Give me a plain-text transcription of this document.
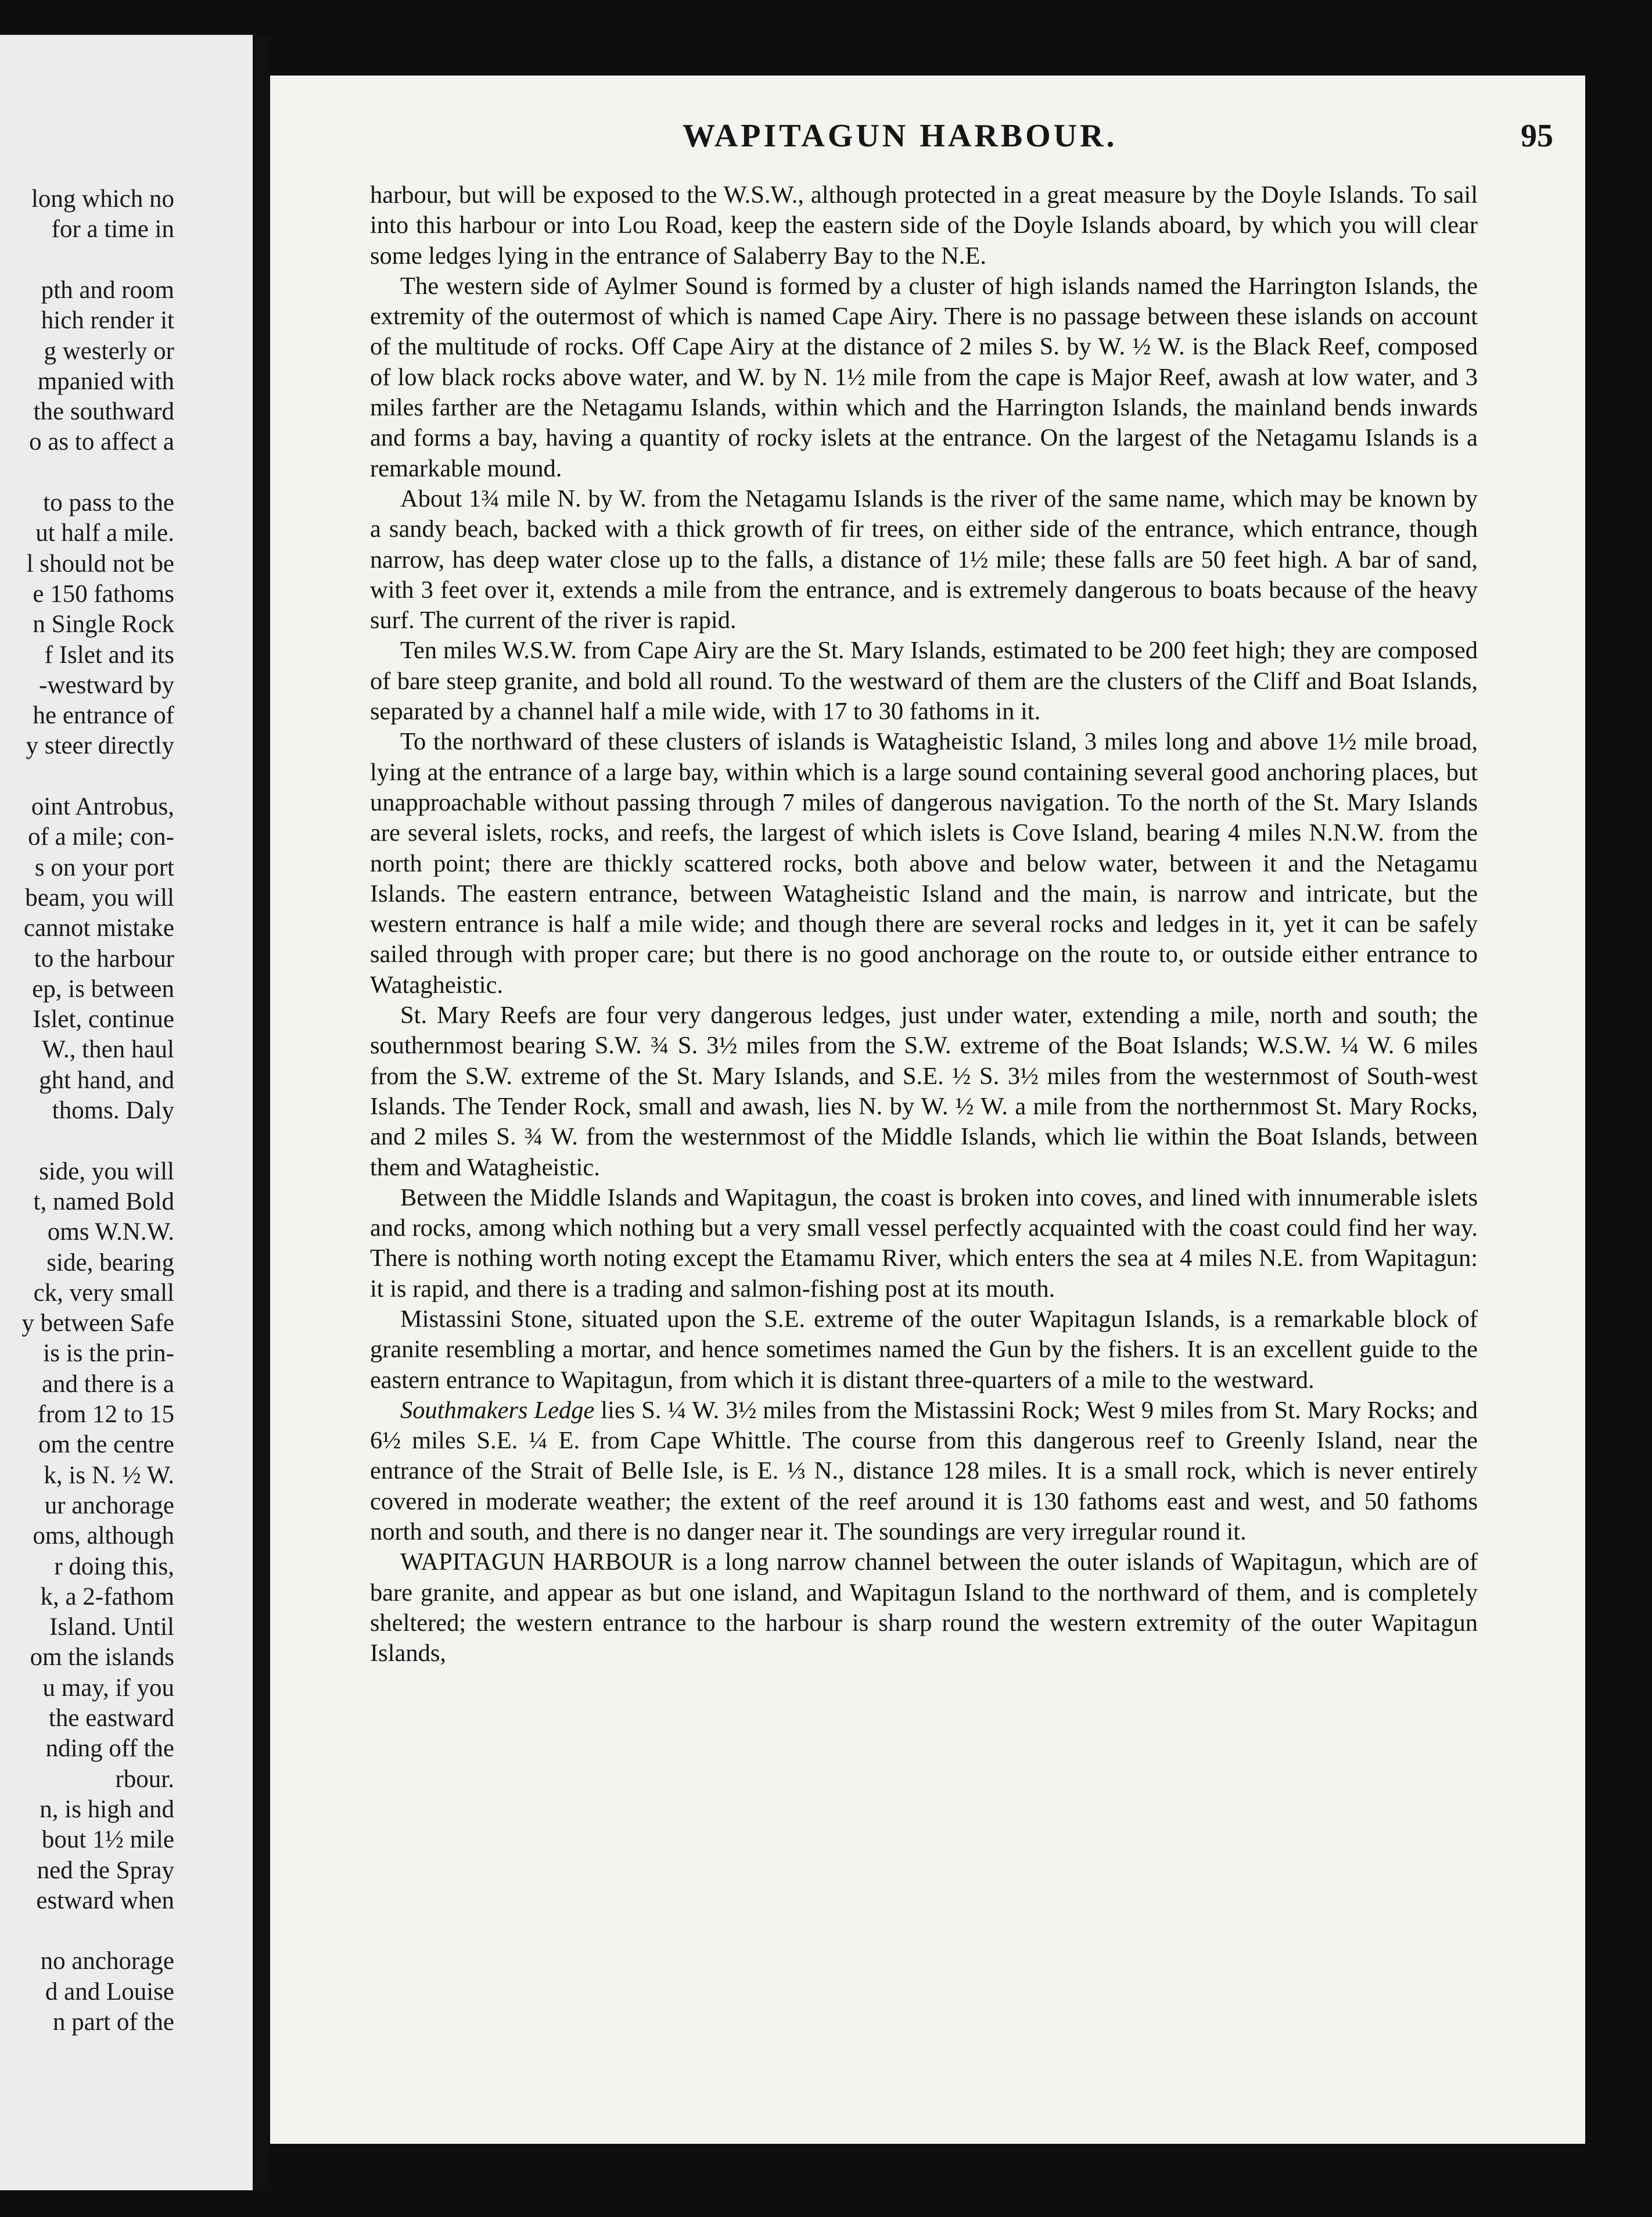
long which no
for a time in
pth and room
hich render it
g westerly or
mpanied with
the southward
o as to affect a
to pass to the
ut half a mile.
l should not be
e 150 fathoms
n Single Rock
f Islet and its
-westward by
he entrance of
y steer directly
oint Antrobus,
of a mile; con-
s on your port
beam, you will
cannot mistake
to the harbour
ep, is between
Islet, continue
W., then haul
ght hand, and
thoms. Daly
side, you will
t, named Bold
oms W.N.W.
side, bearing
ck, very small
y between Safe
is is the prin-
and there is a
from 12 to 15
om the centre
k, is N. ½ W.
ur anchorage
oms, although
r doing this,
k, a 2-fathom
Island. Until
om the islands
u may, if you
the eastward
nding off the
rbour.
n, is high and
bout 1½ mile
ned the Spray
estward when
no anchorage
d and Louise
n part of the
WAPITAGUN HARBOUR.	95

harbour, but will be exposed to the W.S.W., although protected in a great measure by the Doyle Islands. To sail into this harbour or into Lou Road, keep the eastern side of the Doyle Islands aboard, by which you will clear some ledges lying in the entrance of Salaberry Bay to the N.E.

The western side of Aylmer Sound is formed by a cluster of high islands named the Harrington Islands, the extremity of the outermost of which is named Cape Airy. There is no passage between these islands on account of the multitude of rocks. Off Cape Airy at the distance of 2 miles S. by W. ½ W. is the Black Reef, composed of low black rocks above water, and W. by N. 1½ mile from the cape is Major Reef, awash at low water, and 3 miles farther are the Netagamu Islands, within which and the Harrington Islands, the mainland bends inwards and forms a bay, having a quantity of rocky islets at the entrance. On the largest of the Netagamu Islands is a remarkable mound.

About 1¾ mile N. by W. from the Netagamu Islands is the river of the same name, which may be known by a sandy beach, backed with a thick growth of fir trees, on either side of the entrance, which entrance, though narrow, has deep water close up to the falls, a distance of 1½ mile; these falls are 50 feet high. A bar of sand, with 3 feet over it, extends a mile from the entrance, and is extremely dangerous to boats because of the heavy surf. The current of the river is rapid.

Ten miles W.S.W. from Cape Airy are the St. Mary Islands, estimated to be 200 feet high; they are composed of bare steep granite, and bold all round. To the westward of them are the clusters of the Cliff and Boat Islands, separated by a channel half a mile wide, with 17 to 30 fathoms in it.

To the northward of these clusters of islands is Watagheistic Island, 3 miles long and above 1½ mile broad, lying at the entrance of a large bay, within which is a large sound containing several good anchoring places, but unapproachable without passing through 7 miles of dangerous navigation. To the north of the St. Mary Islands are several islets, rocks, and reefs, the largest of which islets is Cove Island, bearing 4 miles N.N.W. from the north point; there are thickly scattered rocks, both above and below water, between it and the Netagamu Islands. The eastern entrance, between Watagheistic Island and the main, is narrow and intricate, but the western entrance is half a mile wide; and though there are several rocks and ledges in it, yet it can be safely sailed through with proper care; but there is no good anchorage on the route to, or outside either entrance to Watagheistic.

St. Mary Reefs are four very dangerous ledges, just under water, extending a mile, north and south; the southernmost bearing S.W. ¾ S. 3½ miles from the S.W. extreme of the Boat Islands; W.S.W. ¼ W. 6 miles from the S.W. extreme of the St. Mary Islands, and S.E. ½ S. 3½ miles from the westernmost of South-west Islands. The Tender Rock, small and awash, lies N. by W. ½ W. a mile from the northernmost St. Mary Rocks, and 2 miles S. ¾ W. from the westernmost of the Middle Islands, which lie within the Boat Islands, between them and Watagheistic.

Between the Middle Islands and Wapitagun, the coast is broken into coves, and lined with innumerable islets and rocks, among which nothing but a very small vessel perfectly acquainted with the coast could find her way. There is nothing worth noting except the Etamamu River, which enters the sea at 4 miles N.E. from Wapitagun: it is rapid, and there is a trading and salmon-fishing post at its mouth.

Mistassini Stone, situated upon the S.E. extreme of the outer Wapitagun Islands, is a remarkable block of granite resembling a mortar, and hence sometimes named the Gun by the fishers. It is an excellent guide to the eastern entrance to Wapitagun, from which it is distant three-quarters of a mile to the westward.

Southmakers Ledge lies S. ¼ W. 3½ miles from the Mistassini Rock; West 9 miles from St. Mary Rocks; and 6½ miles S.E. ¼ E. from Cape Whittle. The course from this dangerous reef to Greenly Island, near the entrance of the Strait of Belle Isle, is E. ⅓ N., distance 128 miles. It is a small rock, which is never entirely covered in moderate weather; the extent of the reef around it is 130 fathoms east and west, and 50 fathoms north and south, and there is no danger near it. The soundings are very irregular round it.

WAPITAGUN HARBOUR is a long narrow channel between the outer islands of Wapitagun, which are of bare granite, and appear as but one island, and Wapitagun Island to the northward of them, and is completely sheltered; the western entrance to the harbour is sharp round the western extremity of the outer Wapitagun Islands,
